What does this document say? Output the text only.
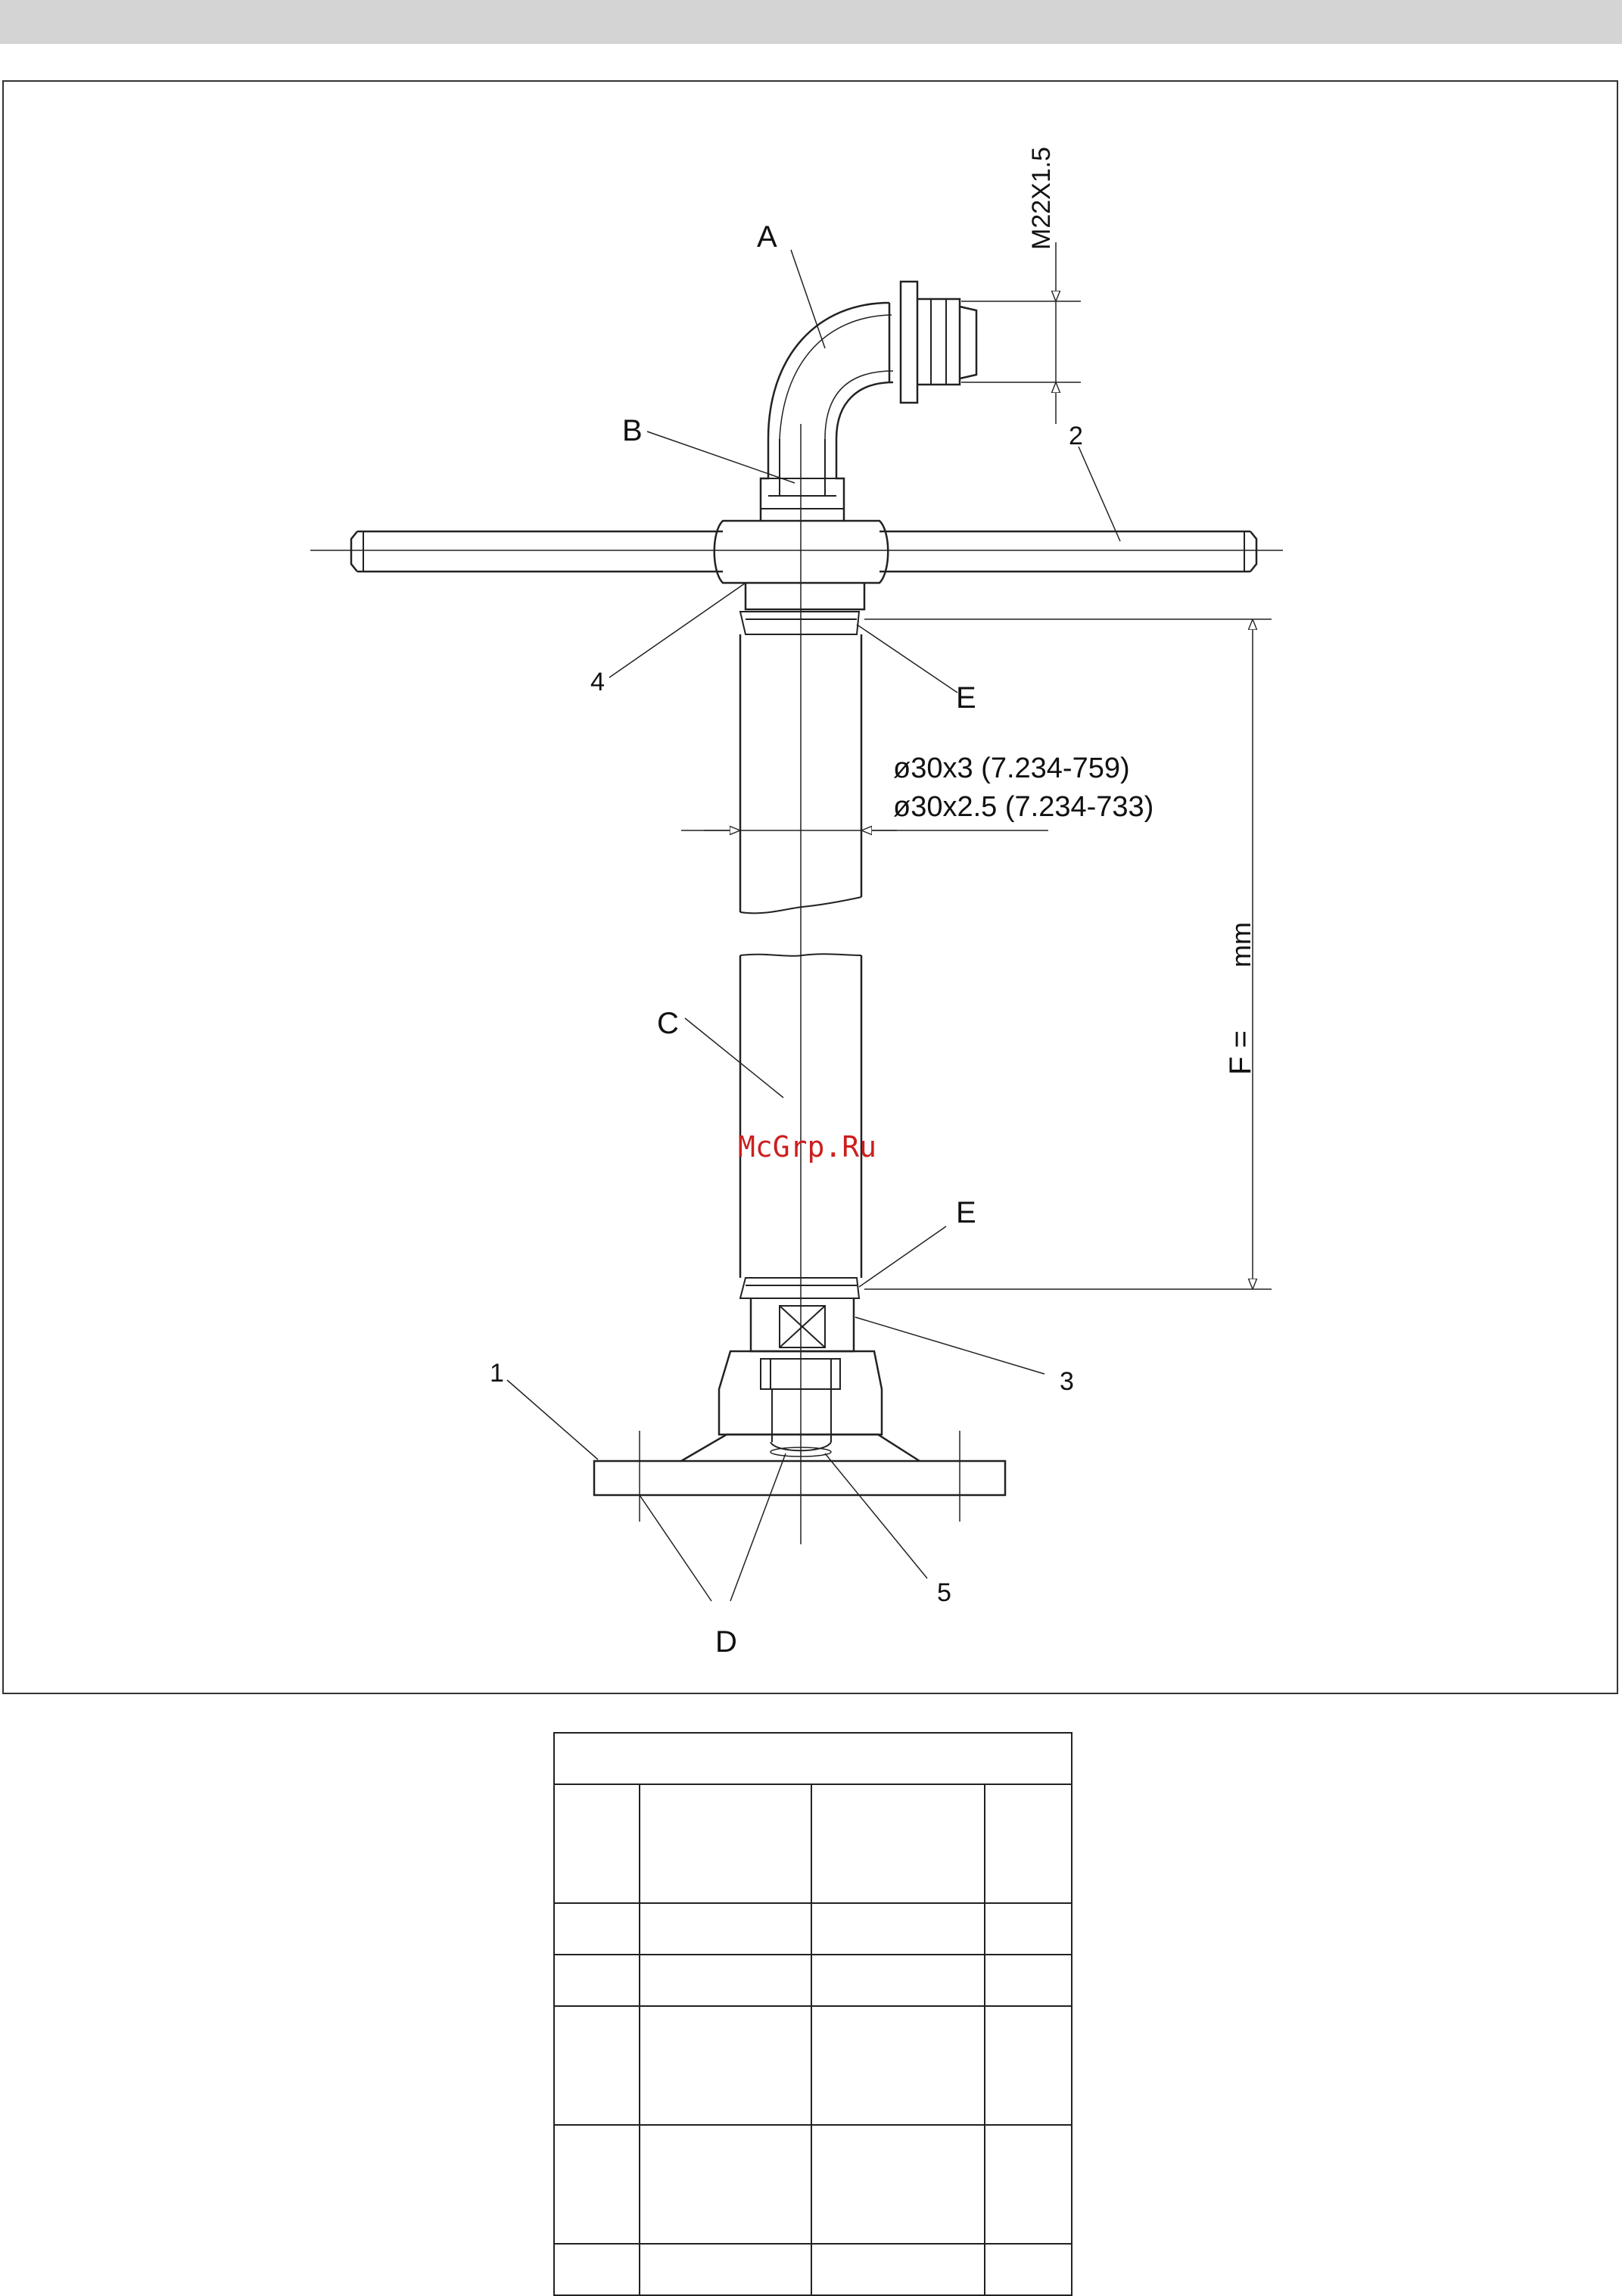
A
B
C
D
E
E
1
2
3
4
5
M22X1.5
ø30x3 (7.234-759)
ø30x2.5 (7.234-733)
F =
mm
McGrp.Ru
